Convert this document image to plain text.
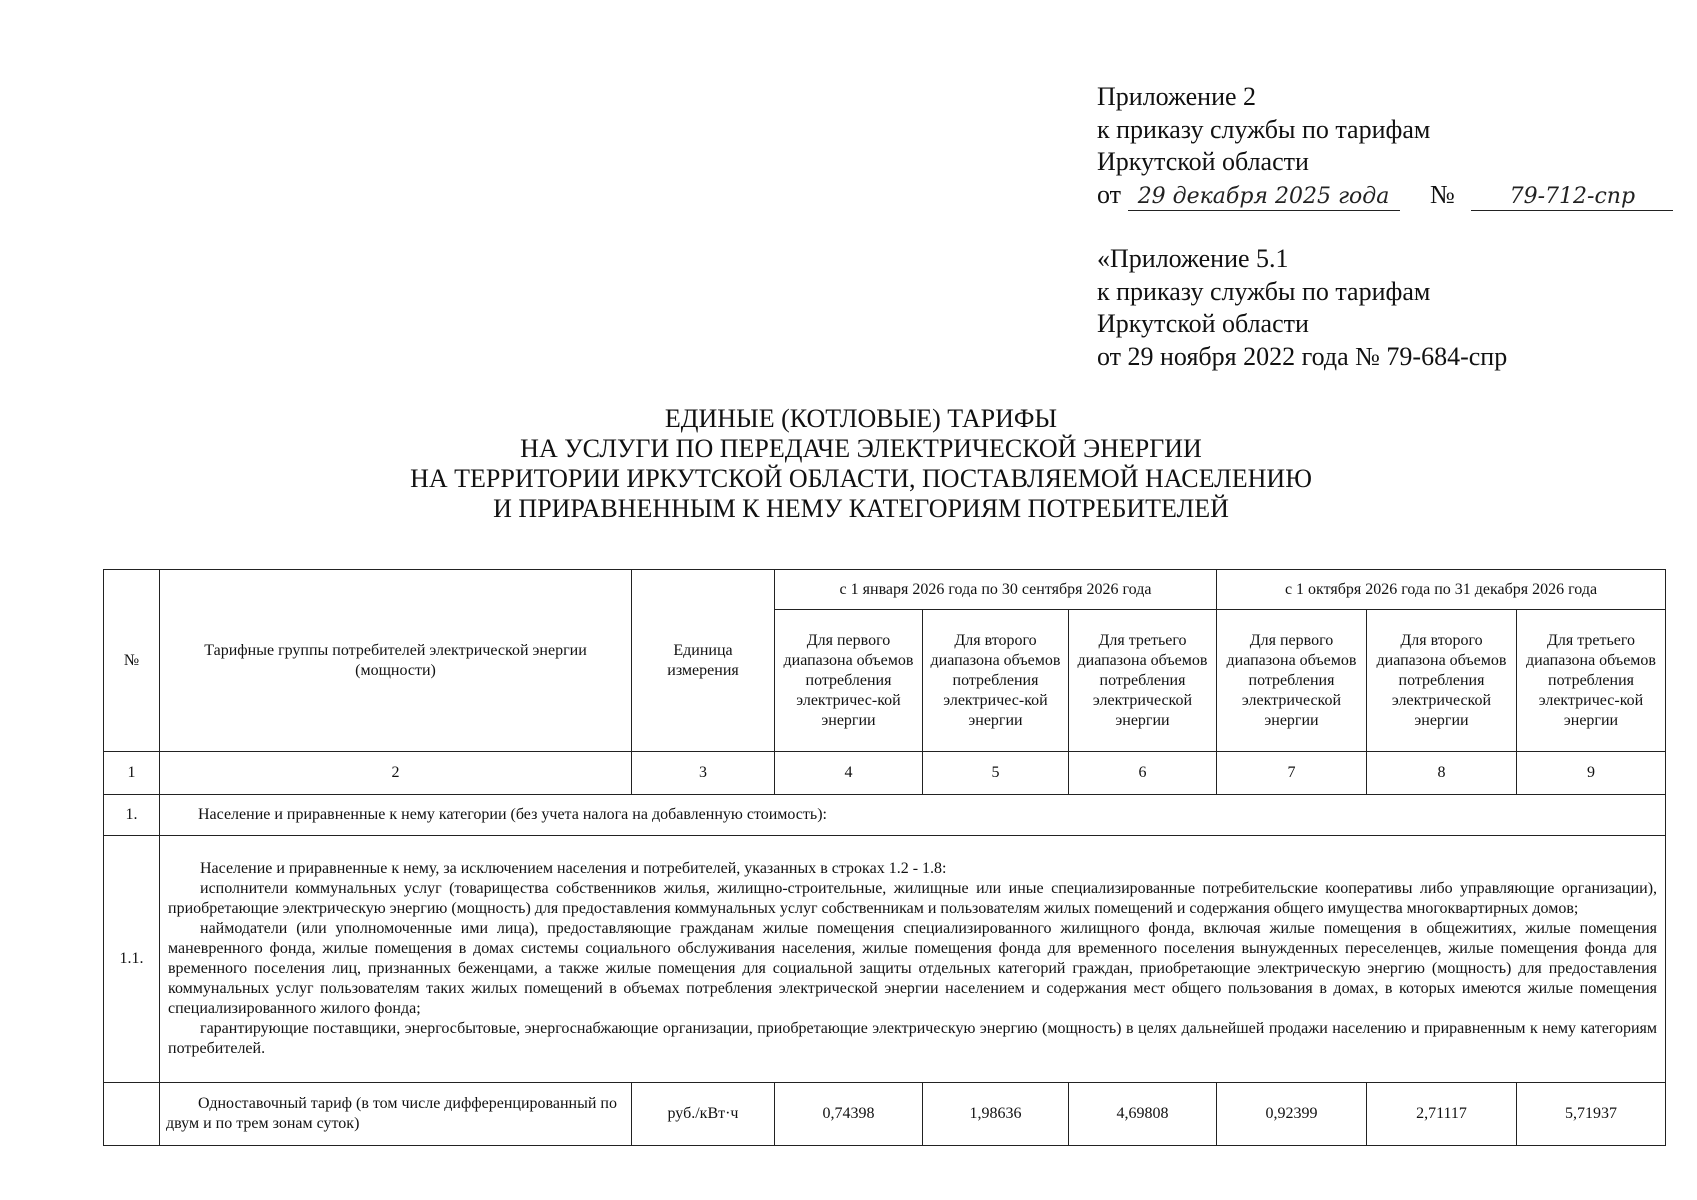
Приложение 2
к приказу службы по тарифам
Иркутской области
от 29 декабря 2025 года № 79-712-спр
«Приложение 5.1
к приказу службы по тарифам
Иркутской области
от 29 ноября 2022 года № 79-684-спр
ЕДИНЫЕ (КОТЛОВЫЕ) ТАРИФЫ
НА УСЛУГИ ПО ПЕРЕДАЧЕ ЭЛЕКТРИЧЕСКОЙ ЭНЕРГИИ
НА ТЕРРИТОРИИ ИРКУТСКОЙ ОБЛАСТИ, ПОСТАВЛЯЕМОЙ НАСЕЛЕНИЮ
И ПРИРАВНЕННЫМ К НЕМУ КАТЕГОРИЯМ ПОТРЕБИТЕЛЕЙ
№	Тарифные группы потребителей электрической энергии (мощности)	Единица измерения	с 1 января 2026 года по 30 сентября 2026 года			с 1 октября 2026 года по 31 декабря 2026 года		
			Для первого диапазона объемов потребления электричес-кой энергии	Для второго диапазона объемов потребления электричес-кой энергии	Для третьего диапазона объемов потребления электрической энергии	Для первого диапазона объемов потребления электрической энергии	Для второго диапазона объемов потребления электрической энергии	Для третьего диапазона объемов потребления электричес-кой энергии
1	2	3	4	5	6	7	8	9
1.	Население и приравненные к нему категории (без учета налога на добавленную стоимость):							

1.1.	Население и приравненные к нему, за исключением населения и потребителей, указанных в строках 1.2 - 1.8:
исполнители коммунальных услуг (товарищества собственников жилья, жилищно-строительные, жилищные или иные специализированные потребительские кооперативы либо управляющие организации), приобретающие электрическую энергию (мощность) для предоставления коммунальных услуг собственникам и пользователям жилых помещений и содержания общего имущества многоквартирных домов;
наймодатели (или уполномоченные ими лица), предоставляющие гражданам жилые помещения специализированного жилищного фонда, включая жилые помещения в общежитиях, жилые помещения маневренного фонда, жилые помещения в домах системы социального обслуживания населения, жилые помещения фонда для временного поселения вынужденных переселенцев, жилые помещения фонда для временного поселения лиц, признанных беженцами, а также жилые помещения для социальной защиты отдельных категорий граждан, приобретающие электрическую энергию (мощность) для предоставления коммунальных услуг пользователям таких жилых помещений в объемах потребления электрической энергии населением и содержания мест общего пользования в домах, в которых имеются жилые помещения специализированного жилого фонда;
гарантирующие поставщики, энергосбытовые, энергоснабжающие организации, приобретающие электрическую энергию (мощность) в целях дальнейшей продажи населению и приравненным к нему категориям потребителей.							

	Одноставочный тариф (в том числе дифференцированный по двум и по трем зонам суток)	руб./кВт·ч	0,74398	1,98636	4,69808	0,92399	2,71117	5,71937
